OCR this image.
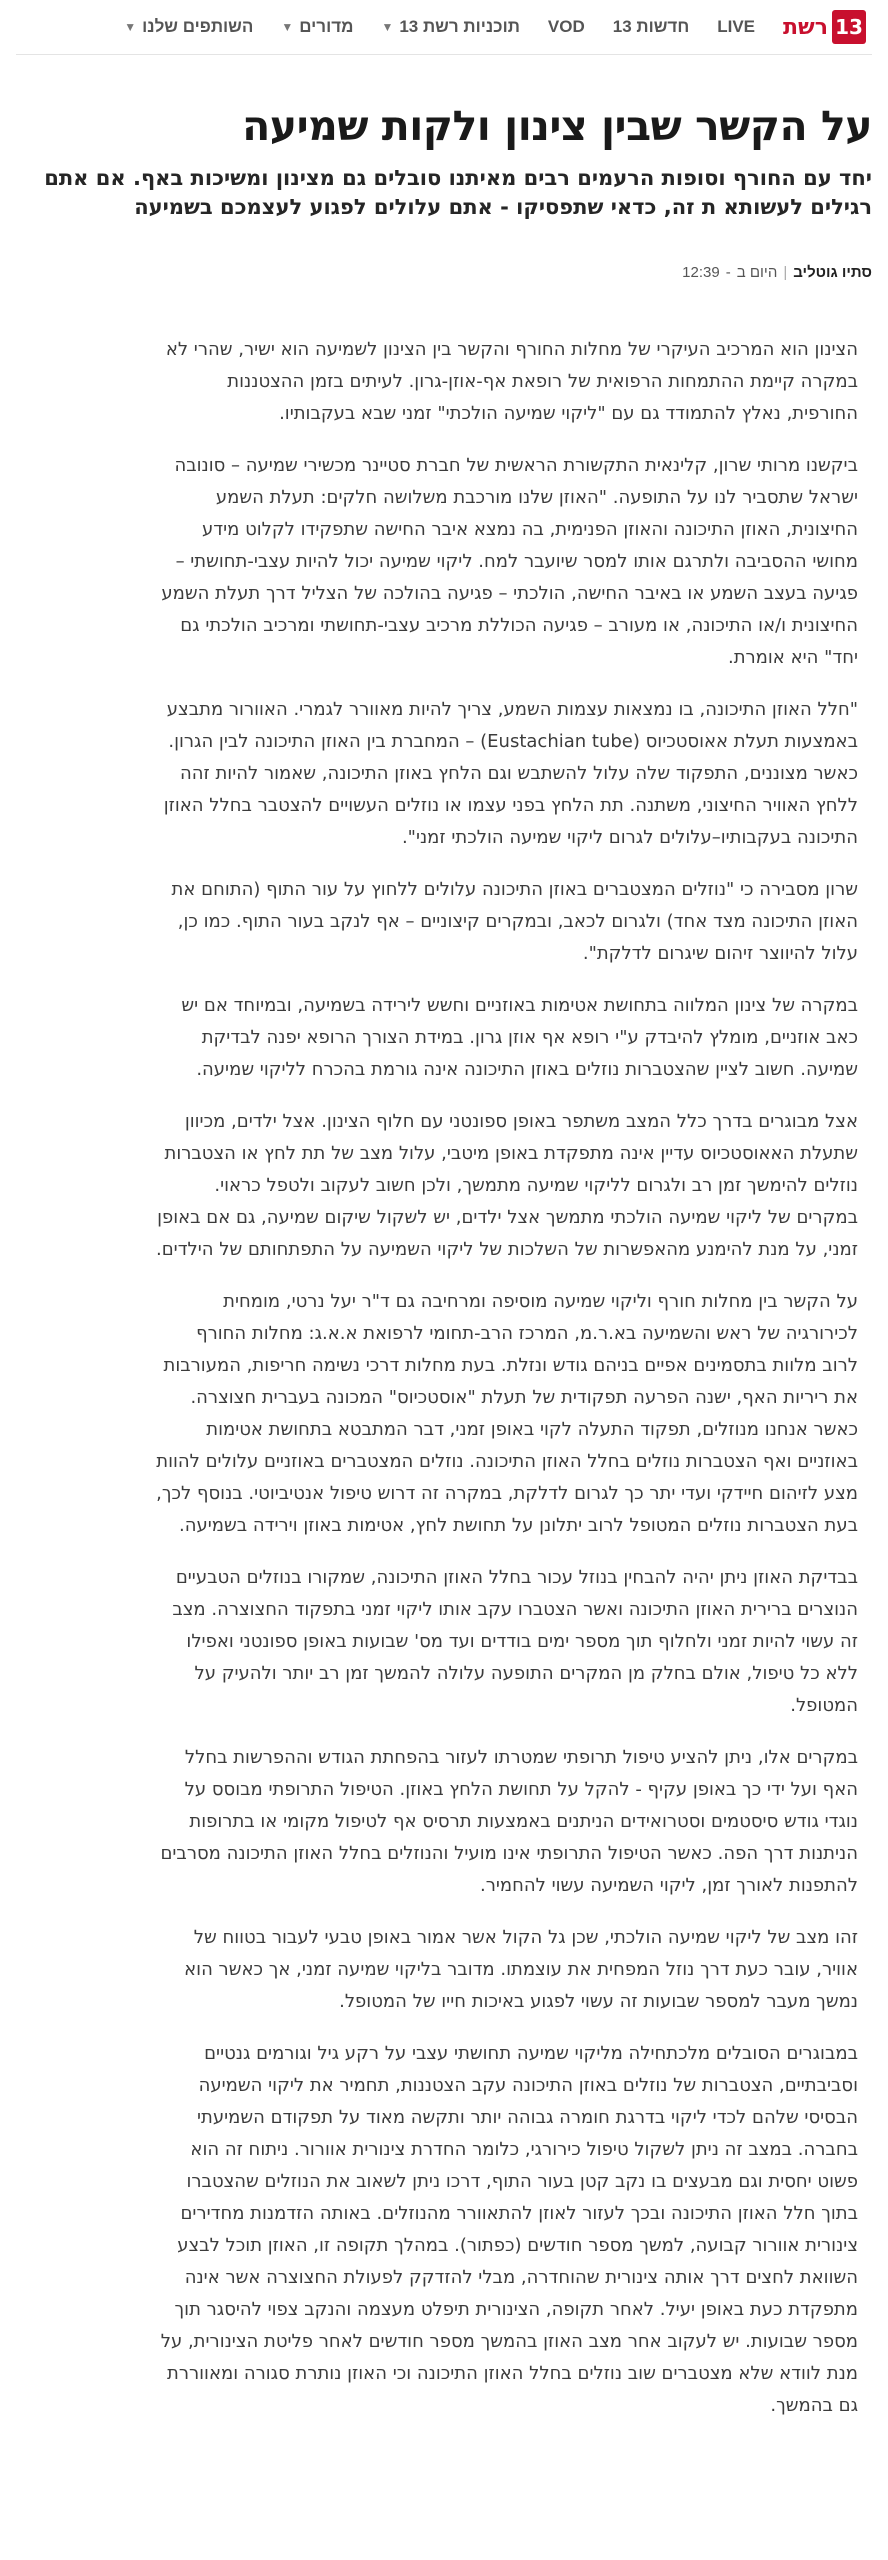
13
רשת
LIVE
חדשות 13
VOD
תוכניות רשת 13
▼
מדורים
▼
השותפים שלנו
▼
על הקשר שבין צינון ולקות שמיעה
יחד עם החורף וסופות הרעמים רבים מאיתנו סובלים גם מצינון ומשיכות באף. אם אתם רגילים לעשותא ת זה, כדאי שתפסיקו - אתם עלולים לפגוע לעצמכם בשמיעה
סתיו גוטליב
|
היום ב
-
12:39

הצינון הוא המרכיב העיקרי של מחלות החורף והקשר בין הצינון לשמיעה הוא ישיר, שהרי לא במקרה קיימת ההתמחות הרפואית של רופאת אף-אוזן-גרון. לעיתים בזמן ההצטננות החורפית, נאלץ להתמודד גם עם "ליקוי שמיעה הולכתי" זמני שבא בעקבותיו.

ביקשנו מרותי שרון, קלינאית התקשורת הראשית של חברת סטיינר מכשירי שמיעה – סונובה ישראל שתסביר לנו על התופעה. "האוזן שלנו מורכבת משלושה חלקים: תעלת השמע החיצונית, האוזן התיכונה והאוזן הפנימית, בה נמצא איבר החישה שתפקידו לקלוט מידע מחושי ההסביבה ולתרגם אותו למסר שיועבר למח. ליקוי שמיעה יכול להיות עצבי-תחושתי – פגיעה בעצב השמע או באיבר החישה, הולכתי – פגיעה בהולכה של הצליל דרך תעלת השמע החיצונית ו/או התיכונה, או מעורב – פגיעה הכוללת מרכיב עצבי-תחושתי ומרכיב הולכתי גם יחד" היא אומרת.

"חלל האוזן התיכונה, בו נמצאות עצמות השמע, צריך להיות מאוורר לגמרי. האוורור מתבצע באמצעות תעלת אאוסטכיוס (Eustachian tube) – המחברת בין האוזן התיכונה לבין הגרון. כאשר מצוננים, התפקוד שלה עלול להשתבש וגם הלחץ באוזן התיכונה, שאמור להיות זהה ללחץ האוויר החיצוני, משתנה. תת הלחץ בפני עצמו או נוזלים העשויים להצטבר בחלל האוזן התיכונה בעקבותיו–עלולים לגרום ליקוי שמיעה הולכתי זמני".

שרון מסבירה כי "נוזלים המצטברים באוזן התיכונה עלולים ללחוץ על עור התוף (התוחם את האוזן התיכונה מצד אחד) ולגרום לכאב, ובמקרים קיצוניים – אף לנקב בעור התוף. כמו כן, עלול להיווצר זיהום שיגרום לדלקת".

במקרה של צינון המלווה בתחושת אטימות באוזניים וחשש לירידה בשמיעה, ובמיוחד אם יש כאב אוזניים, מומלץ להיבדק ע"י רופא אף אוזן גרון. במידת הצורך הרופא יפנה לבדיקת שמיעה. חשוב לציין שהצטברות נוזלים באוזן התיכונה אינה גורמת בהכרח לליקוי שמיעה.

אצל מבוגרים בדרך כלל המצב משתפר באופן ספונטני עם חלוף הצינון. אצל ילדים, מכיוון שתעלת האאוסטכיוס עדיין אינה מתפקדת באופן מיטבי, עלול מצב של תת לחץ או הצטברות נוזלים להימשך זמן רב ולגרום לליקוי שמיעה מתמשך, ולכן חשוב לעקוב ולטפל כראוי. במקרים של ליקוי שמיעה הולכתי מתמשך אצל ילדים, יש לשקול שיקום שמיעה, גם אם באופן זמני, על מנת להימנע מהאפשרות של השלכות של ליקוי השמיעה על התפתחותם של הילדים.

על הקשר בין מחלות חורף וליקוי שמיעה מוסיפה ומרחיבה גם ד"ר יעל נרטי, מומחית לכירורגיה של ראש והשמיעה בא.ר.מ, המרכז הרב-תחומי לרפואת א.א.ג: מחלות החורף לרוב מלוות בתסמינים אפיים בניהם גודש ונזלת. בעת מחלות דרכי נשימה חריפות, המעורבות את ריריות האף, ישנה הפרעה תפקודית של תעלת "אוסטכיוס" המכונה בעברית חצוצרה. כאשר אנחנו מנוזלים, תפקוד התעלה לקוי באופן זמני, דבר המתבטא בתחושת אטימות באוזניים ואף הצטברות נוזלים בחלל האוזן התיכונה. נוזלים המצטברים באוזניים עלולים להוות מצע לזיהום חיידקי ועדי יתר כך לגרום לדלקת, במקרה זה דרוש טיפול אנטיביוטי. בנוסף לכך, בעת הצטברות נוזלים המטופל לרוב יתלונן על תחושת לחץ, אטימות באוזן וירידה בשמיעה.

בבדיקת האוזן ניתן יהיה להבחין בנוזל עכור בחלל האוזן התיכונה, שמקורו בנוזלים הטבעיים הנוצרים ברירית האוזן התיכונה ואשר הצטברו עקב אותו ליקוי זמני בתפקוד החצוצרה. מצב זה עשוי להיות זמני ולחלוף תוך מספר ימים בודדים ועד מס' שבועות באופן ספונטני ואפילו ללא כל טיפול, אולם בחלק מן המקרים התופעה עלולה להמשך זמן רב יותר ולהעיק על המטופל.

במקרים אלו, ניתן להציע טיפול תרופתי שמטרתו לעזור בהפחתת הגודש וההפרשות בחלל האף ועל ידי כך באופן עקיף - להקל על תחושת הלחץ באוזן. הטיפול התרופתי מבוסס על נוגדי גודש סיסטמים וסטרואידים הניתנים באמצעות תרסיס אף לטיפול מקומי או בתרופות הניתנות דרך הפה. כאשר הטיפול התרופתי אינו מועיל והנוזלים בחלל האוזן התיכונה מסרבים להתפנות לאורך זמן, ליקוי השמיעה עשוי להחמיר.

זהו מצב של ליקוי שמיעה הולכתי, שכן גל הקול אשר אמור באופן טבעי לעבור בטווח של אוויר, עובר כעת דרך נוזל המפחית את עוצמתו. מדובר בליקוי שמיעה זמני, אך כאשר הוא נמשך מעבר למספר שבועות זה עשוי לפגוע באיכות חייו של המטופל.

במבוגרים הסובלים מלכתחילה מליקוי שמיעה תחושתי עצבי על רקע גיל וגורמים גנטיים וסביבתיים, הצטברות של נוזלים באוזן התיכונה עקב הצטננות, תחמיר את ליקוי השמיעה הבסיסי שלהם לכדי ליקוי בדרגת חומרה גבוהה יותר ותקשה מאוד על תפקודם השמיעתי בחברה. במצב זה ניתן לשקול טיפול כירורגי, כלומר החדרת צינורית אוורור. ניתוח זה הוא פשוט יחסית וגם מבעצים בו נקב קטן בעור התוף, דרכו ניתן לשאוב את הנוזלים שהצטברו בתוך חלל האוזן התיכונה ובכך לעזור לאוזן להתאוורר מהנוזלים. באותה הזדמנות מחדירים צינורית אוורור קבועה, למשך מספר חודשים (כפתור). במהלך תקופה זו, האוזן תוכל לבצע השוואת לחצים דרך אותה צינורית שהוחדרה, מבלי להזדקק לפעולת החצוצרה אשר אינה מתפקדת כעת באופן יעיל. לאחר תקופה, הצינורית תיפלט מעצמה והנקב צפוי להיסגר תוך מספר שבועות. יש לעקוב אחר מצב האוזן בהמשך מספר חודשים לאחר פליטת הצינורית, על מנת לוודא שלא מצטברים שוב נוזלים בחלל האוזן התיכונה וכי האוזן נותרת סגורה ומאווררת גם בהמשך.
